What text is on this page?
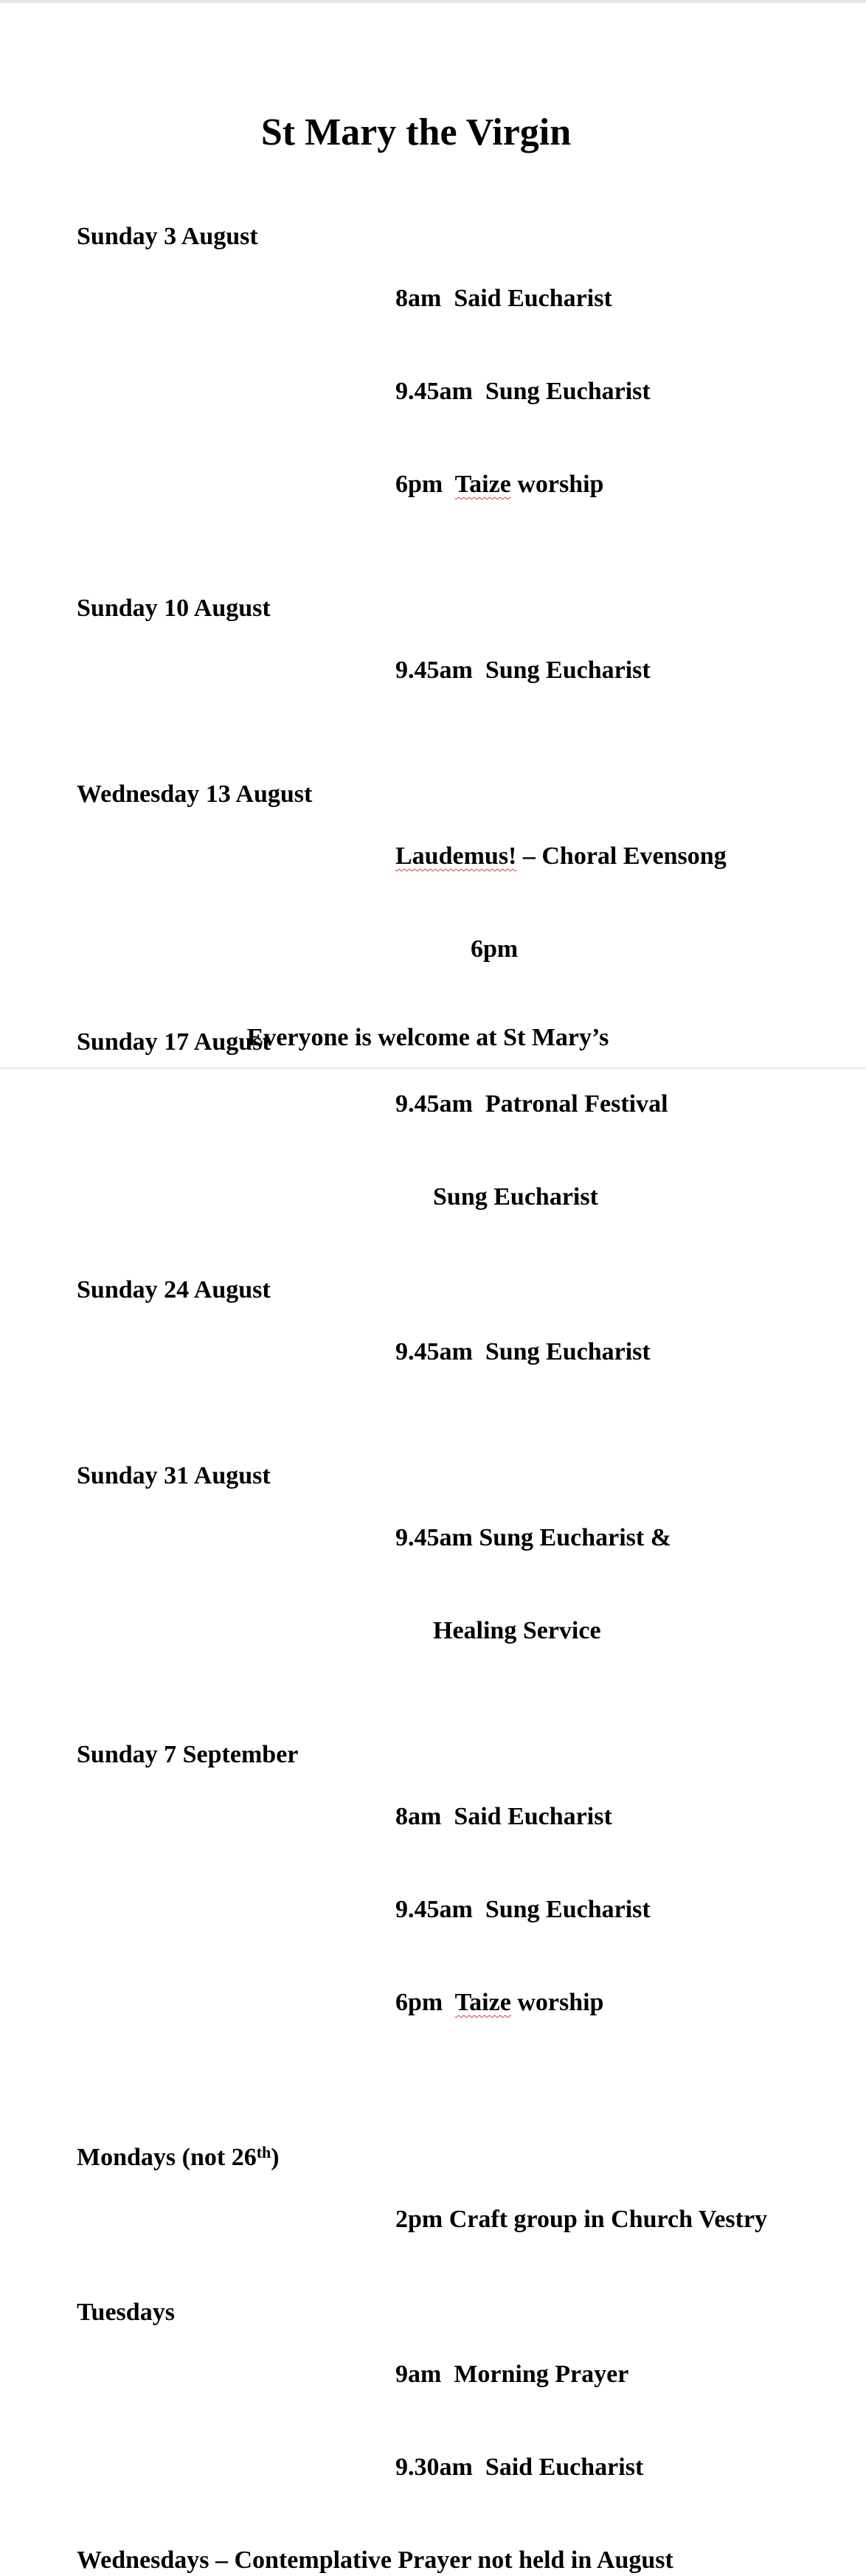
St Mary the Virgin
Sunday 3 August

8am  Said Eucharist

9.45am  Sung Eucharist

6pm  Taize worship

Sunday 10 August

9.45am  Sung Eucharist

Wednesday 13 August

Laudemus! – Choral Evensong

6pm

Sunday 17 August

9.45am  Patronal Festival

Sung Eucharist

Sunday 24 August

9.45am  Sung Eucharist

Sunday 31 August

9.45am Sung Eucharist &

Healing Service

Sunday 7 September

8am  Said Eucharist

9.45am  Sung Eucharist

6pm  Taize worship

Mondays (not 26th)

2pm Craft group in Church Vestry

Tuesdays

9am  Morning Prayer

9.30am  Said Eucharist

Wednesdays – Contemplative Prayer not held in August
Everyone is welcome at St Mary’s
